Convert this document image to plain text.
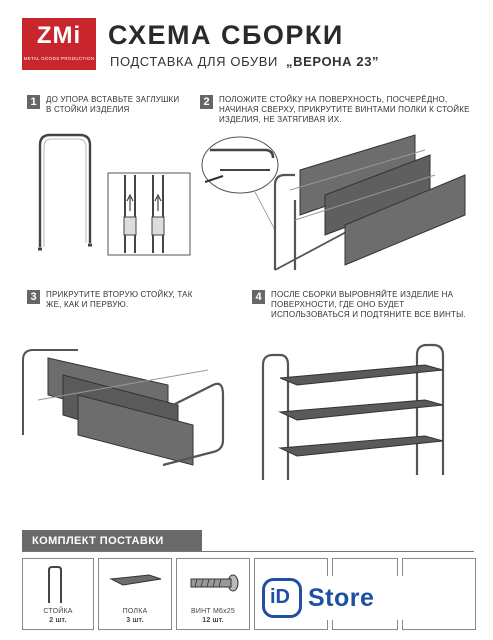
ZMi
METAL GOODS PRODUCTION
СХЕМА СБОРКИ
ПОДСТАВКА ДЛЯ ОБУВИ „ВЕРОНА 23”
1	ДО УПОРА ВСТАВЬТЕ ЗАГЛУШКИ В СТОЙКИ ИЗДЕЛИЯ
2	ПОЛОЖИТЕ СТОЙКУ НА ПОВЕРХНОСТЬ, ПОСЧЕРЁДНО, НАЧИНАЯ СВЕРХУ, ПРИКРУТИТЕ ВИНТАМИ ПОЛКИ К СТОЙКЕ ИЗДЕЛИЯ, НЕ ЗАТЯГИВАЯ ИХ.
3	ПРИКРУТИТЕ ВТОРУЮ СТОЙКУ, ТАК ЖЕ, КАК И ПЕРВУЮ.
4	ПОСЛЕ СБОРКИ ВЫРОВНЯЙТЕ ИЗДЕЛИЕ НА ПОВЕРХНОСТИ, ГДЕ ОНО БУДЕТ ИСПОЛЬЗОВАТЬСЯ И ПОДТЯНИТЕ ВСЕ ВИНТЫ.
КОМПЛЕКТ ПОСТАВКИ
СТОЙКА
2 шт.
ПОЛКА
3 шт.
ВИНТ М6х25
12 шт.
iD Store
